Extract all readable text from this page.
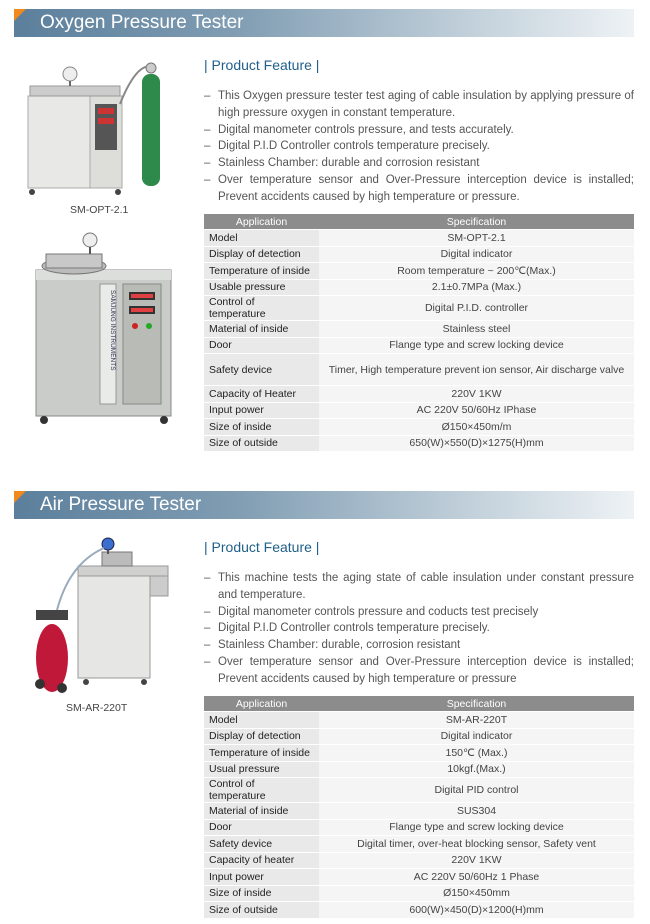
Oxygen Pressure Tester
| Product Feature |
– This Oxygen pressure tester test aging of cable insulation by applying pressure of high pressure oxygen in constant temperature.
– Digital manometer controls pressure, and tests accurately.
– Digital P.I.D Controller controls temperature precisely.
– Stainless Chamber: durable and corrosion resistant
– Over temperature sensor and Over-Pressure interception device is installed; Prevent accidents caused by high temperature or pressure.
SM-OPT-2.1
SAMJUNG INSTRUMENTS
Application	Specification
Model	SM-OPT-2.1
Display of detection	Digital indicator
Temperature of inside	Room temperature ~ 200℃(Max.)
Usable pressure	2.1±0.7MPa (Max.)
Control of temperature	Digital P.I.D. controller
Material of inside	Stainless steel
Door	Flange type and screw locking device
Safety device	Timer, High temperature prevent ion sensor, Air discharge valve
Capacity of Heater	220V 1KW
Input power	AC 220V 50/60Hz IPhase
Size of inside	Ø150×450m/m
Size of outside	650(W)×550(D)×1275(H)mm
Air Pressure Tester
| Product Feature |
– This machine tests the aging state of cable insulation under constant pressure and temperature.
– Digital manometer controls pressure and coducts test precisely
– Digital P.I.D Controller controls temperature precisely.
– Stainless Chamber: durable, corrosion resistant
– Over temperature sensor and Over-Pressure interception device is installed; Prevent accidents caused by high temperature or pressure
SM-AR-220T	Application	Specification
Model	SM-AR-220T
Display of detection	Digital indicator
Temperature of inside	150℃ (Max.)
Usual pressure	10kgf.(Max.)
Control of temperature	Digital PID control
Material of inside	SUS304
Door	Flange type and screw locking device
Safety device	Digital timer, over-heat blocking sensor, Safety vent
Capacity of heater	220V 1KW
Input power	AC 220V 50/60Hz 1 Phase
Size of inside	Ø150×450mm
Size of outside	600(W)×450(D)×1200(H)mm
